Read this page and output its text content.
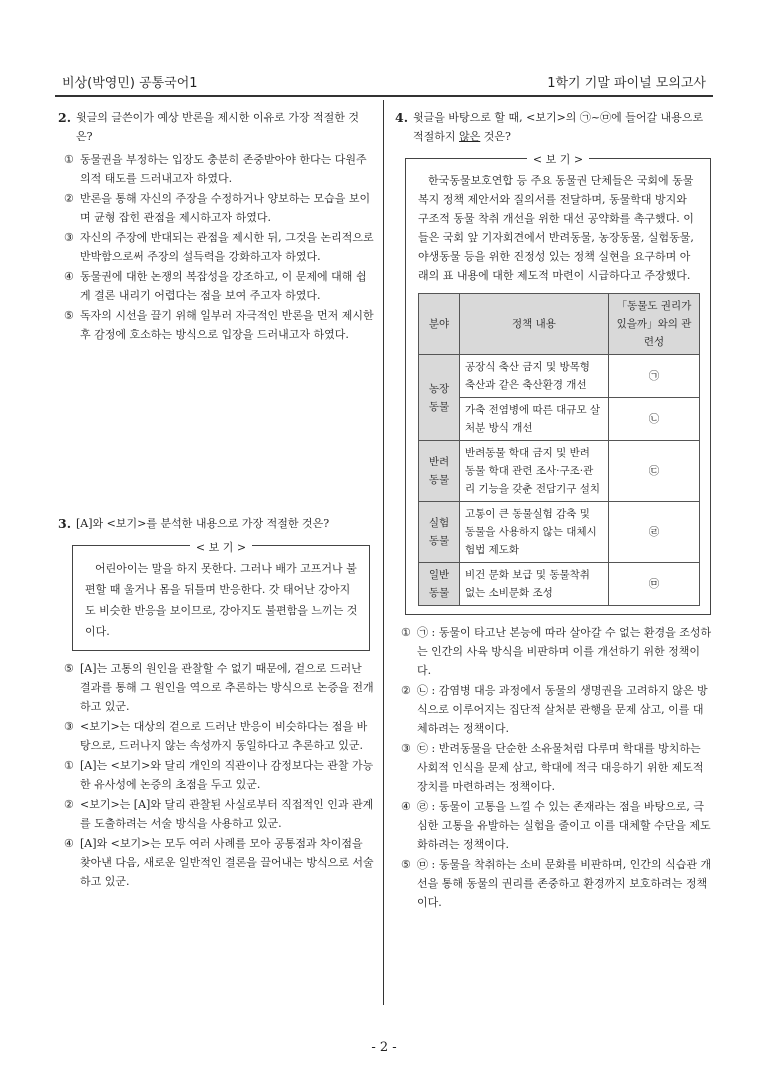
비상(박영민) 공통국어1	1학기 기말 파이널 모의고사
2. 윗글의 글쓴이가 예상 반론을 제시한 이유로 가장 적절한 것은?
① 동물권을 부정하는 입장도 충분히 존중받아야 한다는 다원주의적 태도를 드러내고자 하였다.
② 반론을 통해 자신의 주장을 수정하거나 양보하는 모습을 보이며 균형 잡힌 관점을 제시하고자 하였다.
③ 자신의 주장에 반대되는 관점을 제시한 뒤, 그것을 논리적으로 반박함으로써 주장의 설득력을 강화하고자 하였다.
④ 동물권에 대한 논쟁의 복잡성을 강조하고, 이 문제에 대해 쉽게 결론 내리기 어렵다는 점을 보여 주고자 하였다.
⑤ 독자의 시선을 끌기 위해 일부러 자극적인 반론을 먼저 제시한 후 감정에 호소하는 방식으로 입장을 드러내고자 하였다.
3. [A]와 <보기>를 분석한 내용으로 가장 적절한 것은?
< 보 기 >
어린아이는 말을 하지 못한다. 그러나 배가 고프거나 불편할 때 울거나 몸을 뒤틀며 반응한다. 갓 태어난 강아지도 비슷한 반응을 보이므로, 강아지도 불편함을 느끼는 것이다.
⑤ [A]는 고통의 원인을 관찰할 수 없기 때문에, 겉으로 드러난 결과를 통해 그 원인을 역으로 추론하는 방식으로 논증을 전개하고 있군.
③ <보기>는 대상의 겉으로 드러난 반응이 비슷하다는 점을 바탕으로, 드러나지 않는 속성까지 동일하다고 추론하고 있군.
① [A]는 <보기>와 달리 개인의 직관이나 감정보다는 관찰 가능한 유사성에 논증의 초점을 두고 있군.
② <보기>는 [A]와 달리 관찰된 사실로부터 직접적인 인과 관계를 도출하려는 서술 방식을 사용하고 있군.
④ [A]와 <보기>는 모두 여러 사례를 모아 공통점과 차이점을 찾아낸 다음, 새로운 일반적인 결론을 끌어내는 방식으로 서술하고 있군.
4. 윗글을 바탕으로 할 때, <보기>의 ㉠~㉤에 들어갈 내용으로 적절하지 않은 것은?
< 보 기 >
한국동물보호연합 등 주요 동물권 단체들은 국회에 동물복지 정책 제안서와 질의서를 전달하며, 동물학대 방지와 구조적 동물 착취 개선을 위한 대선 공약화를 촉구했다. 이들은 국회 앞 기자회견에서 반려동물, 농장동물, 실험동물, 야생동물 등을 위한 진정성 있는 정책 실현을 요구하며 아래의 표 내용에 대한 제도적 마련이 시급하다고 주장했다.
분야	정책 내용	「동물도 권리가 있을까」와의 관련성
농장 동물	공장식 축산 금지 및 방목형 축산과 같은 축산환경 개선	㉠
	가축 전염병에 따른 대규모 살처분 방식 개선	㉡
반려 동물	반려동물 학대 금지 및 반려 동물 학대 관련 조사·구조·관리 기능을 갖춘 전담기구 설치	㉢
실험 동물	고통이 큰 동물실험 감축 및 동물을 사용하지 않는 대체시험법 제도화	㉣
일반 동물	비건 문화 보급 및 동물착취 없는 소비문화 조성	㉤
① ㉠ : 동물이 타고난 본능에 따라 살아갈 수 없는 환경을 조성하는 인간의 사육 방식을 비판하며 이를 개선하기 위한 정책이다.
② ㉡ : 감염병 대응 과정에서 동물의 생명권을 고려하지 않은 방식으로 이루어지는 집단적 살처분 관행을 문제 삼고, 이를 대체하려는 정책이다.
③ ㉢ : 반려동물을 단순한 소유물처럼 다루며 학대를 방치하는 사회적 인식을 문제 삼고, 학대에 적극 대응하기 위한 제도적 장치를 마련하려는 정책이다.
④ ㉣ : 동물이 고통을 느낄 수 있는 존재라는 점을 바탕으로, 극심한 고통을 유발하는 실험을 줄이고 이를 대체할 수단을 제도화하려는 정책이다.
⑤ ㉤ : 동물을 착취하는 소비 문화를 비판하며, 인간의 식습관 개선을 통해 동물의 권리를 존중하고 환경까지 보호하려는 정책이다.
- 2 -
